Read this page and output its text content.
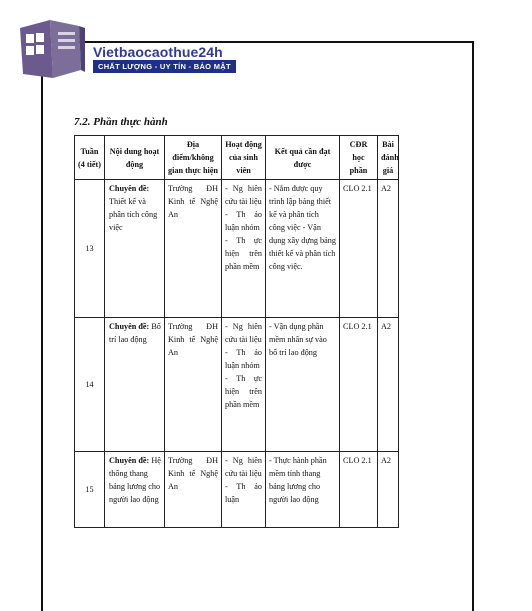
Vietbaocaothue24h
CHẤT LƯỢNG - UY TÍN - BẢO MẬT
7.2. Phần thực hành
Tuần (4 tiết)	Nội dung hoạt động	Địa điểm/không gian thực hiện	Hoạt động của sinh viên	Kết quả cần đạt được	CĐR học phần	Bài đánh giá
13	Chuyên đề: Thiết kế và phân tích công việc	Trường ĐH Kinh tế Nghệ An	- Ng hiên cứu tài liệu
- Th ảo luận nhóm
- Th ực hiện trên phần mềm	- Nắm được quy trình lập bảng thiết kế và phân tích công việc - Vận dụng xây dựng bảng thiết kế và phân tích công việc.	CLO 2.1	A2
14	Chuyên đề: Bố trí lao động	Trường ĐH Kinh tế Nghệ An	- Ng hiên cứu tài liệu
- Th ảo luận nhóm
- Th ực hiện trên phần mềm	- Vận dụng phần mềm nhân sự vào bố trí lao động	CLO 2.1	A2
15	Chuyên đề: Hệ thống thang bảng lương cho người lao động	Trường ĐH Kinh tế Nghệ An	- Ng hiên cứu tài liệu
- Th ảo luận	- Thực hành phần mềm tính thang bảng lương cho người lao động	CLO 2.1	A2
